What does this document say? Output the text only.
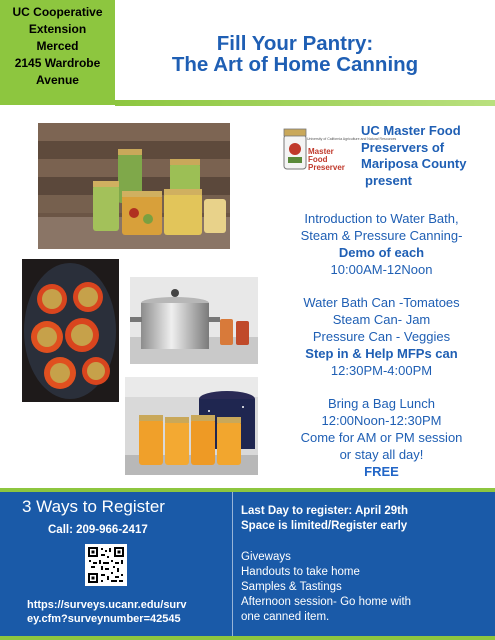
UC Cooperative
Extension
Merced
2145 Wardrobe
Avenue
Fill Your Pantry:
The Art of Home Canning
University of California Agriculture and Natural Resources
Master
Food
Preserver
UC Master Food
Preservers of
Mariposa County
present
Introduction to Water Bath,
Steam & Pressure Canning-
Demo of each
10:00AM-12Noon
Water Bath Can -Tomatoes
Steam Can- Jam
Pressure Can - Veggies
Step in & Help MFPs can
12:30PM-4:00PM
Bring a Bag Lunch
12:00Noon-12:30PM
Come for AM or PM session
or stay all day!
FREE
3 Ways to Register
Call: 209-966-2417
https://surveys.ucanr.edu/surv
ey.cfm?surveynumber=42545
Last Day to register: April 29th
Space is limited/Register early
Giveways
Handouts to take home
Samples & Tastings
Afternoon session- Go home with
one canned item.
